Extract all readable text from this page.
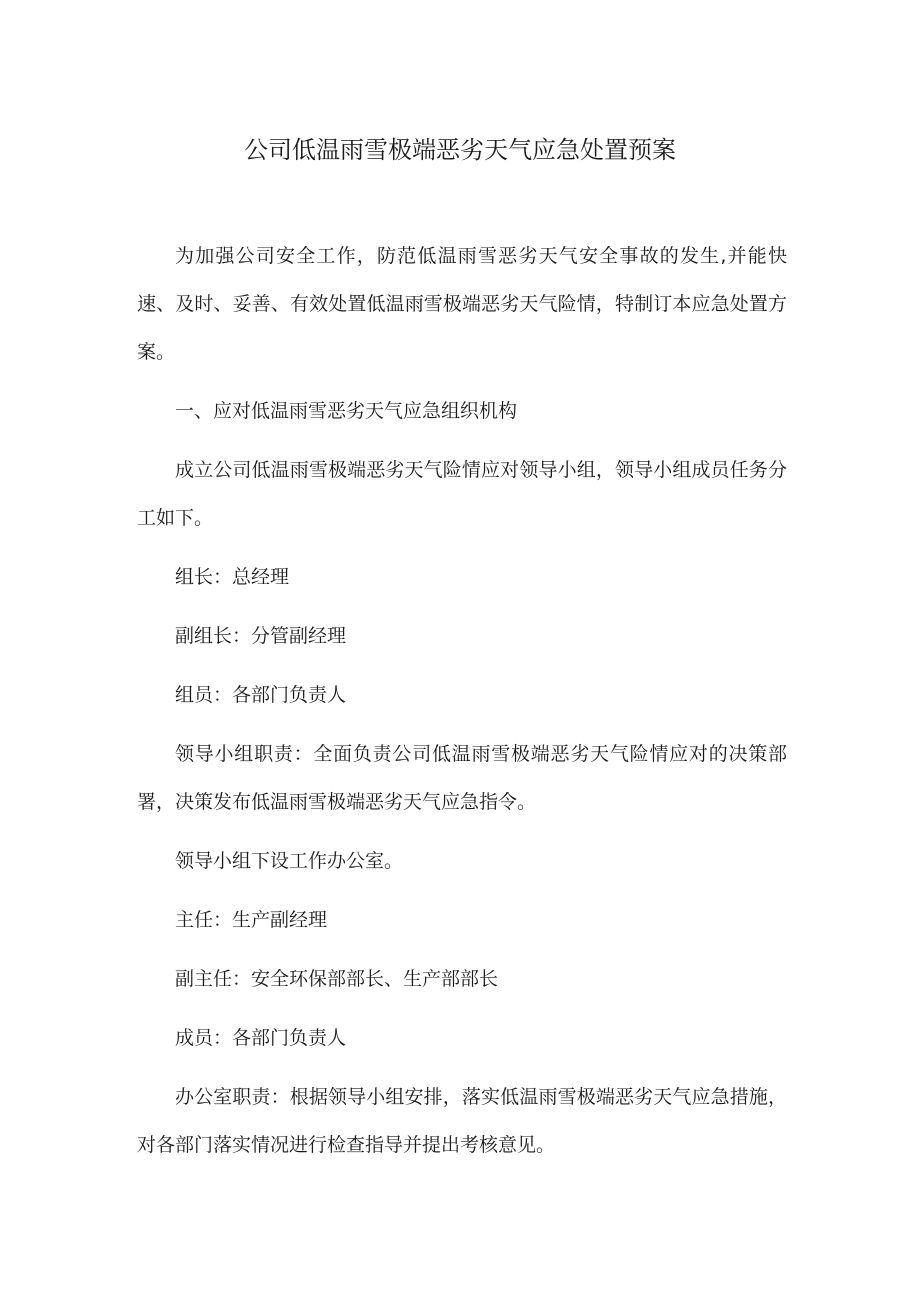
公司低温雨雪极端恶劣天气应急处置预案

为加强公司安全工作，防范低温雨雪恶劣天气安全事故的发生,并能快速、及时、妥善、有效处置低温雨雪极端恶劣天气险情，特制订本应急处置方案。

一、应对低温雨雪恶劣天气应急组织机构

成立公司低温雨雪极端恶劣天气险情应对领导小组，领导小组成员任务分工如下。

组长：总经理

副组长：分管副经理

组员：各部门负责人

领导小组职责：全面负责公司低温雨雪极端恶劣天气险情应对的决策部署，决策发布低温雨雪极端恶劣天气应急指令。

领导小组下设工作办公室。

主任：生产副经理

副主任：安全环保部部长、生产部部长

成员：各部门负责人

办公室职责：根据领导小组安排，落实低温雨雪极端恶劣天气应急措施，对各部门落实情况进行检查指导并提出考核意见。
